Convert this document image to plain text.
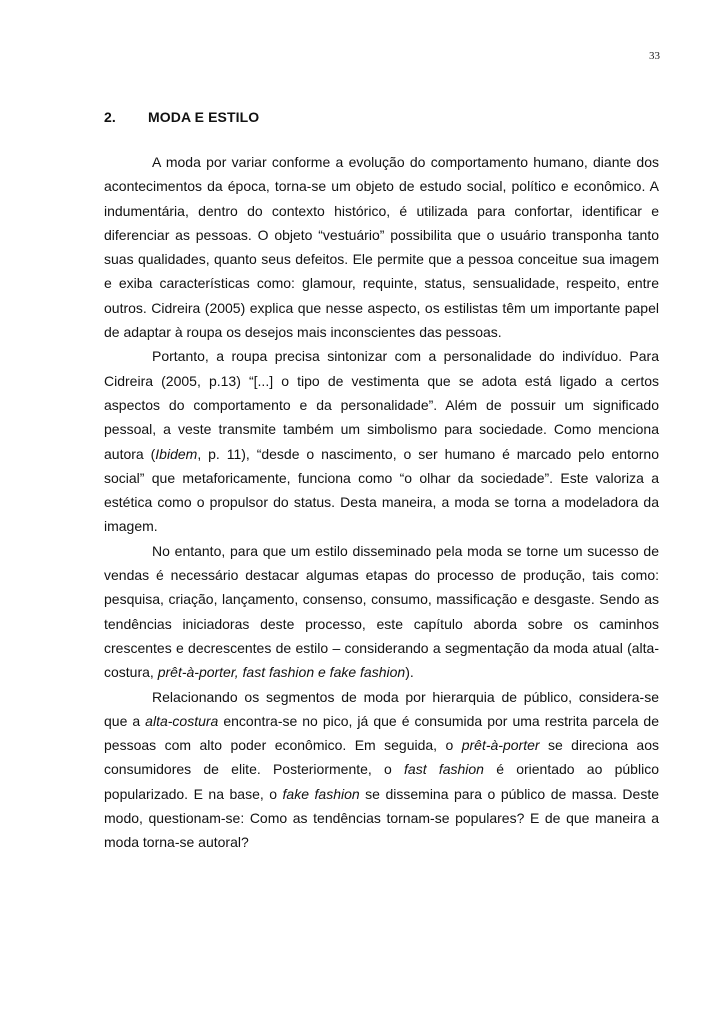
33
2. MODA E ESTILO

A moda por variar conforme a evolução do comportamento humano, diante dos acontecimentos da época, torna-se um objeto de estudo social, político e econômico. A indumentária, dentro do contexto histórico, é utilizada para confortar, identificar e diferenciar as pessoas. O objeto “vestuário” possibilita que o usuário transponha tanto suas qualidades, quanto seus defeitos. Ele permite que a pessoa conceitue sua imagem e exiba características como: glamour, requinte, status, sensualidade, respeito, entre outros. Cidreira (2005) explica que nesse aspecto, os estilistas têm um importante papel de adaptar à roupa os desejos mais inconscientes das pessoas.

Portanto, a roupa precisa sintonizar com a personalidade do indivíduo. Para Cidreira (2005, p.13) “[...] o tipo de vestimenta que se adota está ligado a certos aspectos do comportamento e da personalidade”. Além de possuir um significado pessoal, a veste transmite também um simbolismo para sociedade. Como menciona autora (Ibidem, p. 11), “desde o nascimento, o ser humano é marcado pelo entorno social” que metaforicamente, funciona como “o olhar da sociedade”. Este valoriza a estética como o propulsor do status. Desta maneira, a moda se torna a modeladora da imagem.

No entanto, para que um estilo disseminado pela moda se torne um sucesso de vendas é necessário destacar algumas etapas do processo de produção, tais como: pesquisa, criação, lançamento, consenso, consumo, massificação e desgaste. Sendo as tendências iniciadoras deste processo, este capítulo aborda sobre os caminhos crescentes e decrescentes de estilo – considerando a segmentação da moda atual (alta-costura, prêt-à-porter, fast fashion e fake fashion).

Relacionando os segmentos de moda por hierarquia de público, considera-se que a alta-costura encontra-se no pico, já que é consumida por uma restrita parcela de pessoas com alto poder econômico. Em seguida, o prêt-à-porter se direciona aos consumidores de elite. Posteriormente, o fast fashion é orientado ao público popularizado. E na base, o fake fashion se dissemina para o público de massa. Deste modo, questionam-se: Como as tendências tornam-se populares? E de que maneira a moda torna-se autoral?
